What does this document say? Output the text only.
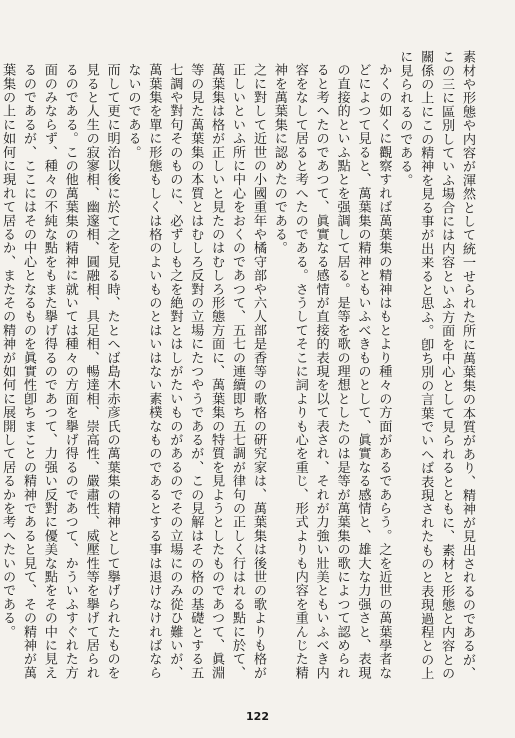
素材や形態や内容が渾然として統一せられた所に萬葉集の本質があり、精神が見出されるのであるが、この三に區別していふ場合には内容といふ方面を中心として見られるとともに、素材と形態と内容との關係の上にこの精神を見る事が出来ると思ふ。卽ち別の言葉でいへば表現されたものと表現過程との上に見られるのである。

かくの如くに觀察すれば萬葉集の精神はもとより種々の方面があるであらう。之を近世の萬葉學者などによつて見ると、萬葉集の精神ともいふべきものとして、眞實なる感情と、雄大な力强さと、表現の直接的といふ點とを强調して居る。是等を歌の理想としたのは是等が萬葉集の歌によつて認められると考へたのであつて、眞實なる感情が直接的表現を以て表され、それが力強い壯美ともいふべき内容をなして居ると考へたのである。さうしてそこに詞よりも心を重じ、形式よりも内容を重んじた精神を萬葉集に認めたのである。

之に對して近世の小國重年や橘守部や六人部是香等の歌格の硏究家は、萬葉集は後世の歌よりも格が正しいといふ所に中心をおくのであつて、五七の連續即ち五七調が律句の正しく行はれる點に於て、萬葉集は格が正しいと見たのはむしろ形態方面に、萬葉集の特質を見ようとしたものであつて、眞淵等の見た萬葉集の本質とはむしろ反對の立場にたつやうであるが、この見解はその格の基礎とする五七調や對句そのものに、必ずしも之を絶對とはしがたいものがあるのでその立場にのみ從ひ難いが、萬葉集を單に形態もしくは格のよいものとはいはない素樸なものであるとする事は退けなければならないのである。

而して更に明治以後に於て之を見る時、たとへば島木赤彦氏の萬葉集の精神として擧げられたものを見ると人生の寂寥相、幽邃相、圓融相、具足相、暢達相、崇高性、嚴肅性、威壓性等を擧げて居られるのである。この他萬葉集の精神に就いては種々の方面を擧げ得るのであつて、かういふすぐれた方面のみならず、種々の不純な點をもまた擧げ得るのであつて、力强い反對に優美な點をその中に見えるのであるが、ここにはその中心となるものを眞實性卽ちまことの精神であると見て、その精神が萬葉集の上に如何に現れて居るか、またその精神が如何に展開して居るかを考へたいのである。

122
